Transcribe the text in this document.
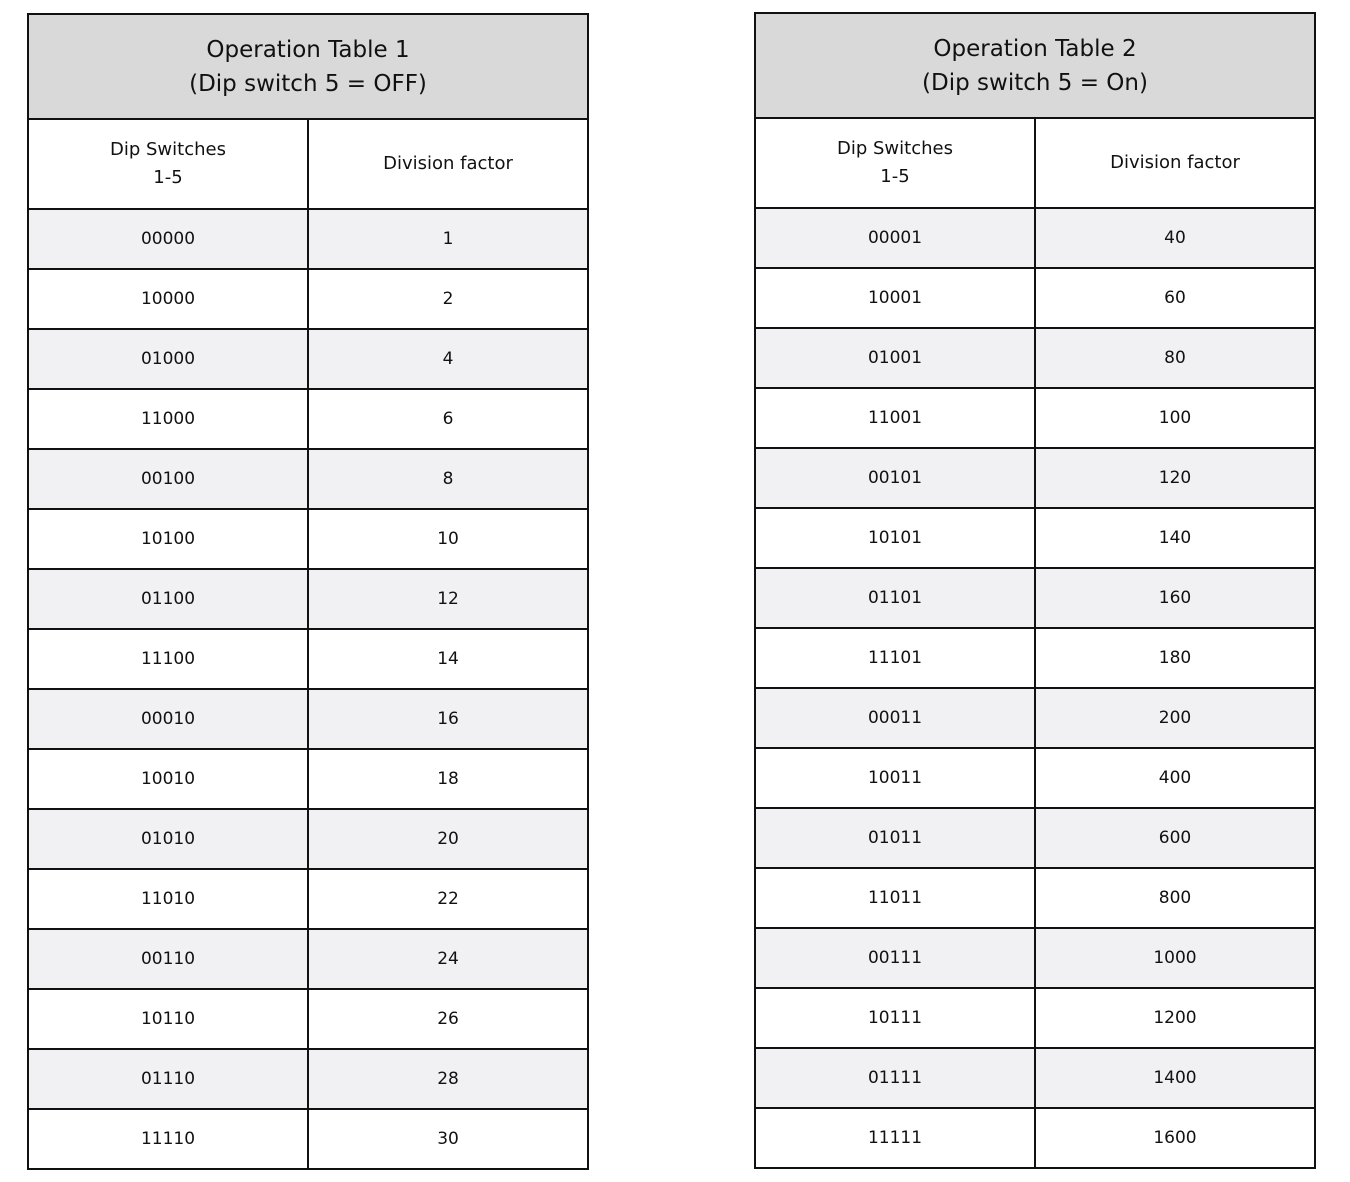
Operation Table 1
(Dip switch 5 = OFF)	

Dip Switches
1-5	Division factor
00000	1
10000	2
01000	4
11000	6
00100	8
10100	10
01100	12
11100	14
00010	16
10010	18
01010	20
11010	22
00110	24
10110	26
01110	28
11110	30
Operation Table 2
(Dip switch 5 = On)	

Dip Switches
1-5	Division factor
00001	40
10001	60
01001	80
11001	100
00101	120
10101	140
01101	160
11101	180
00011	200
10011	400
01011	600
11011	800
00111	1000
10111	1200
01111	1400
11111	1600
